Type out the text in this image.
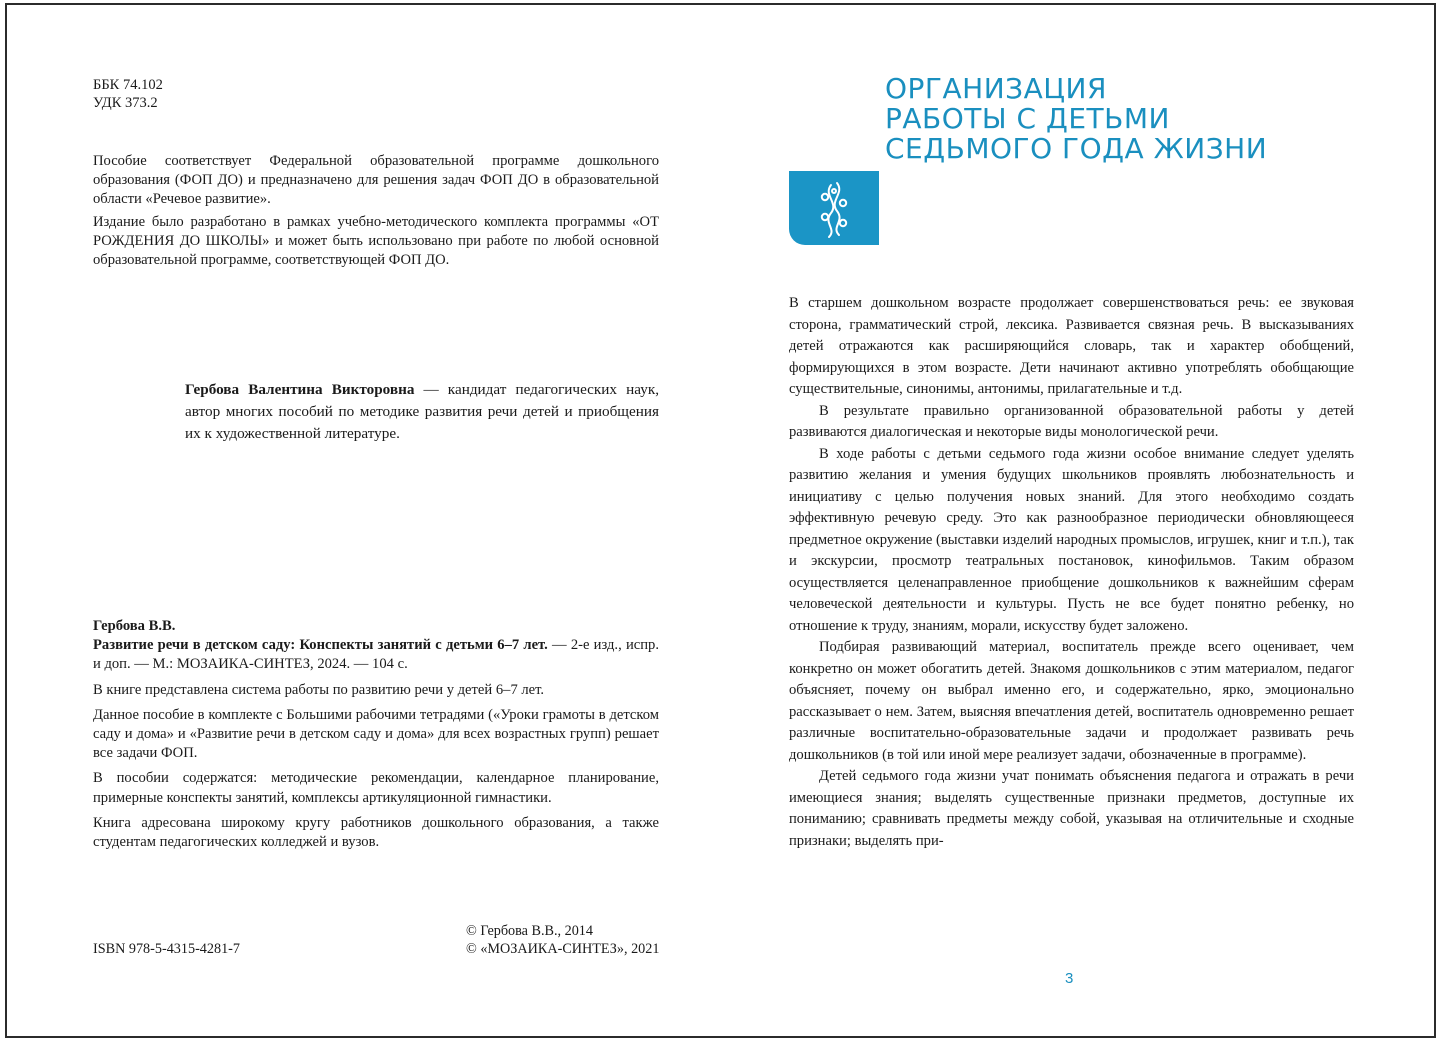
ББК 74.102
УДК 373.2

Пособие соответствует Федеральной образовательной программе дошкольного образования (ФОП ДО) и предназначено для решения задач ФОП ДО в образовательной области «Речевое развитие».

Издание было разработано в рамках учебно-методического комплекта программы «ОТ РОЖДЕНИЯ ДО ШКОЛЫ» и может быть использовано при работе по любой основной образовательной программе, соответствующей ФОП ДО.

Гербова Валентина Викторовна — кандидат педагогических наук, автор многих пособий по методике развития речи детей и приобщения их к художественной литературе.

Гербова В.В.

Развитие речи в детском саду: Конспекты занятий с детьми 6–7 лет. — 2-е изд., испр. и доп. — М.: МОЗАИКА-СИНТЕЗ, 2024. — 104 с.

В книге представлена система работы по развитию речи у детей 6–7 лет.

Данное пособие в комплекте с Большими рабочими тетрадями («Уроки грамоты в детском саду и дома» и «Развитие речи в детском саду и дома» для всех возрастных групп) решает все задачи ФОП.

В пособии содержатся: методические рекомендации, календарное планирование, примерные конспекты занятий, комплексы артикуляционной гимнастики.

Книга адресована широкому кругу работников дошкольного образования, а также студентам педагогических колледжей и вузов.

ISBN 978-5-4315-4281-7
© Гербова В.В., 2014
© «МОЗАИКА-СИНТЕЗ», 2021
ОРГАНИЗАЦИЯ
РАБОТЫ С ДЕТЬМИ
СЕДЬМОГО ГОДА ЖИЗНИ

В старшем дошкольном возрасте продолжает совершенствоваться речь: ее звуковая сторона, грамматический строй, лексика. Развивается связная речь. В высказываниях детей отражаются как расширяющийся словарь, так и характер обобщений, формирующихся в этом возрасте. Дети начинают активно употреблять обобщающие существительные, синонимы, антонимы, прилагательные и т.д.

В результате правильно организованной образовательной работы у детей развиваются диалогическая и некоторые виды монологической речи.

В ходе работы с детьми седьмого года жизни особое внимание следует уделять развитию желания и умения будущих школьников проявлять любознательность и инициативу с целью получения новых знаний. Для этого необходимо создать эффективную речевую среду. Это как разнообразное периодически обновляющееся предметное окружение (выставки изделий народных промыслов, игрушек, книг и т.п.), так и экскурсии, просмотр театральных постановок, кинофильмов. Таким образом осуществляется целенаправленное приобщение дошкольников к важнейшим сферам человеческой деятельности и культуры. Пусть не все будет понятно ребенку, но отношение к труду, знаниям, морали, искусству будет заложено.

Подбирая развивающий материал, воспитатель прежде всего оценивает, чем конкретно он может обогатить детей. Знакомя дошкольников с этим материалом, педагог объясняет, почему он выбрал именно его, и содержательно, ярко, эмоционально рассказывает о нем. Затем, выясняя впечатления детей, воспитатель одновременно решает различные воспитательно-образовательные задачи и продолжает развивать речь дошкольников (в той или иной мере реализует задачи, обозначенные в программе).

Детей седьмого года жизни учат понимать объяснения педагога и отражать в речи имеющиеся знания; выделять существенные признаки предметов, доступные их пониманию; сравнивать предметы между собой, указывая на отличительные и сходные признаки; выделять при-

3
